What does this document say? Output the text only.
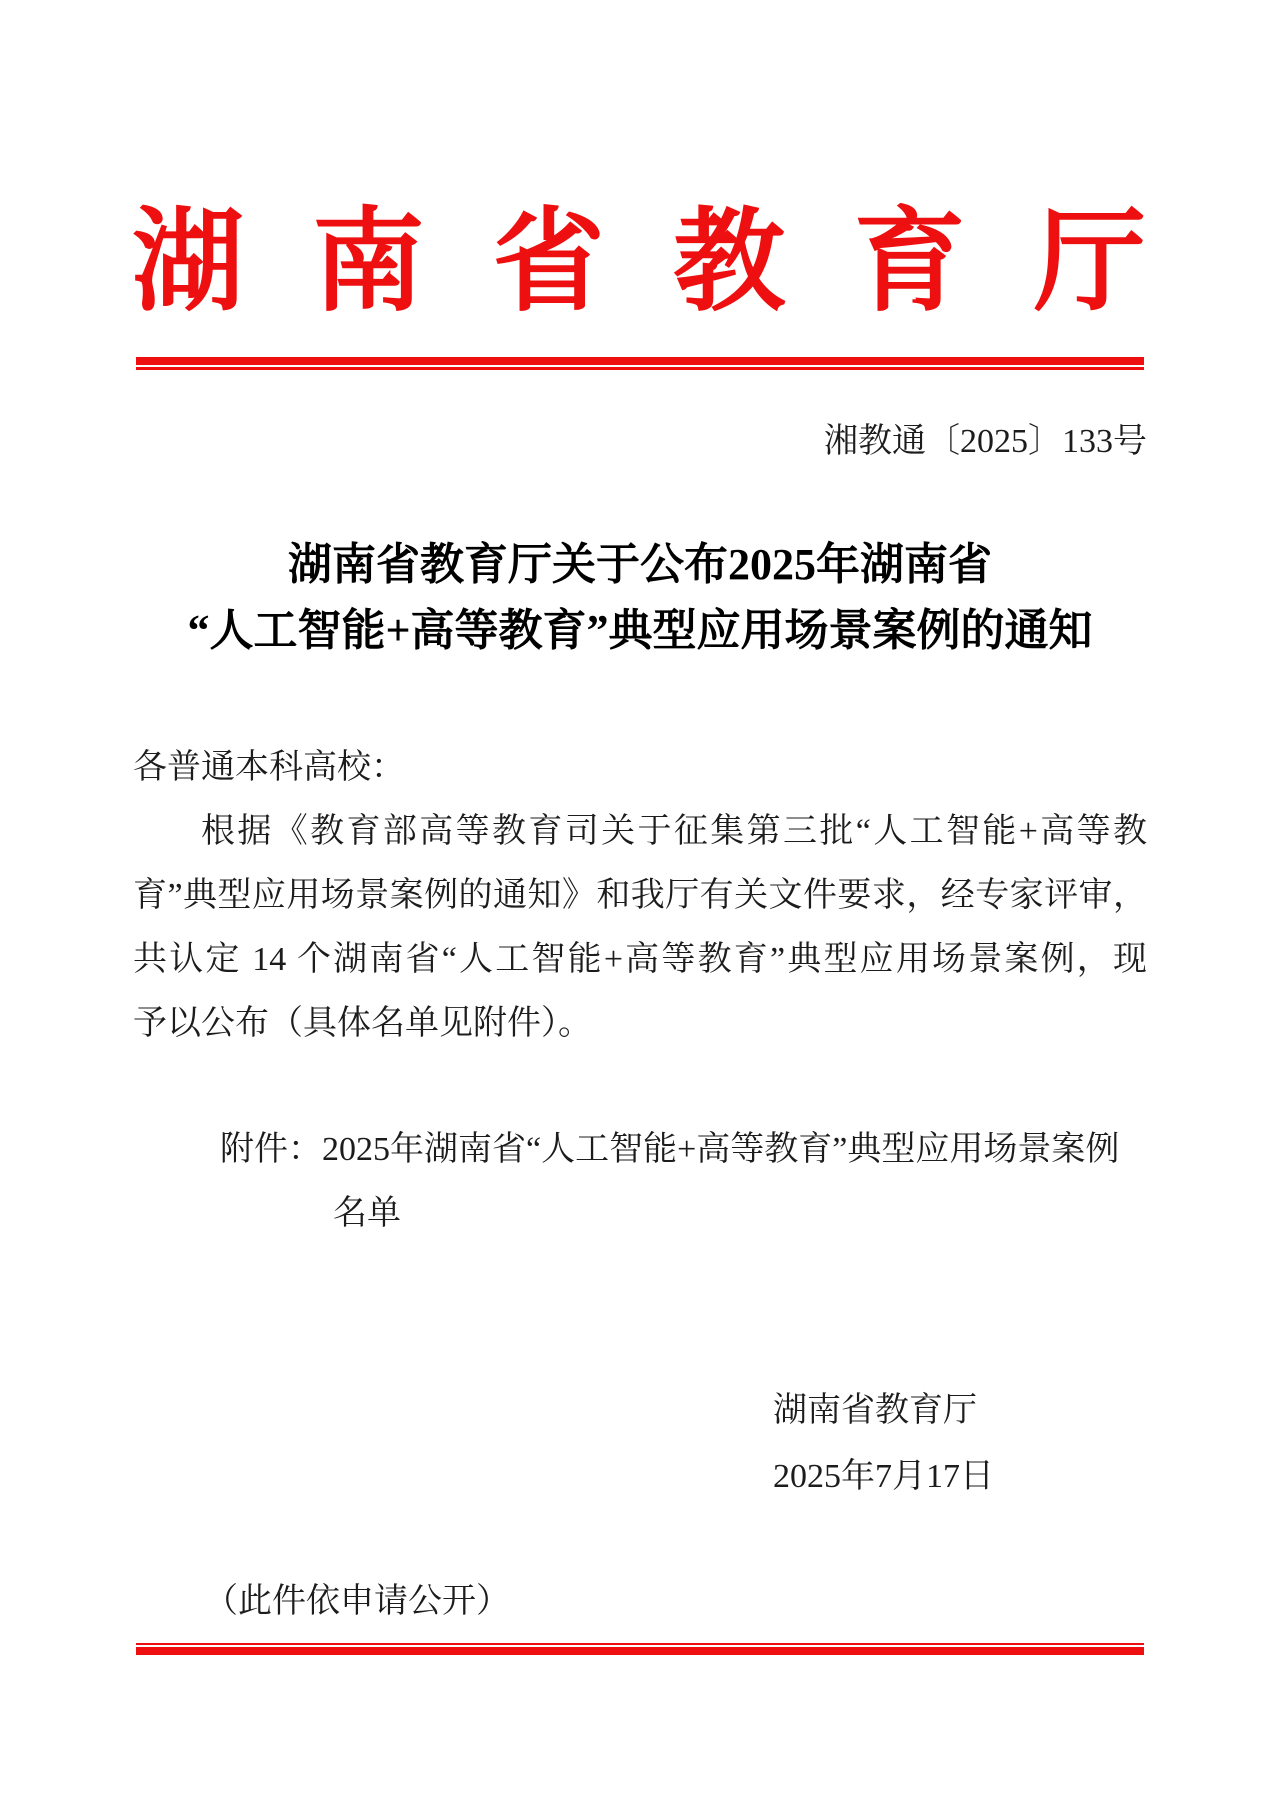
湖南省教育厅
湘教通〔2025〕133号
湖南省教育厅关于公布2025年湖南省
“人工智能+高等教育”典型应用场景案例的通知
各普通本科高校：
根据《教育部高等教育司关于征集第三批“人工智能+高等教
育”典型应用场景案例的通知》和我厅有关文件要求，经专家评审，
共认定 14 个湖南省“人工智能+高等教育”典型应用场景案例，现
予以公布（具体名单见附件）。
附件：2025年湖南省“人工智能+高等教育”典型应用场景案例
名单
湖南省教育厅
2025年7月17日
（此件依申请公开）
